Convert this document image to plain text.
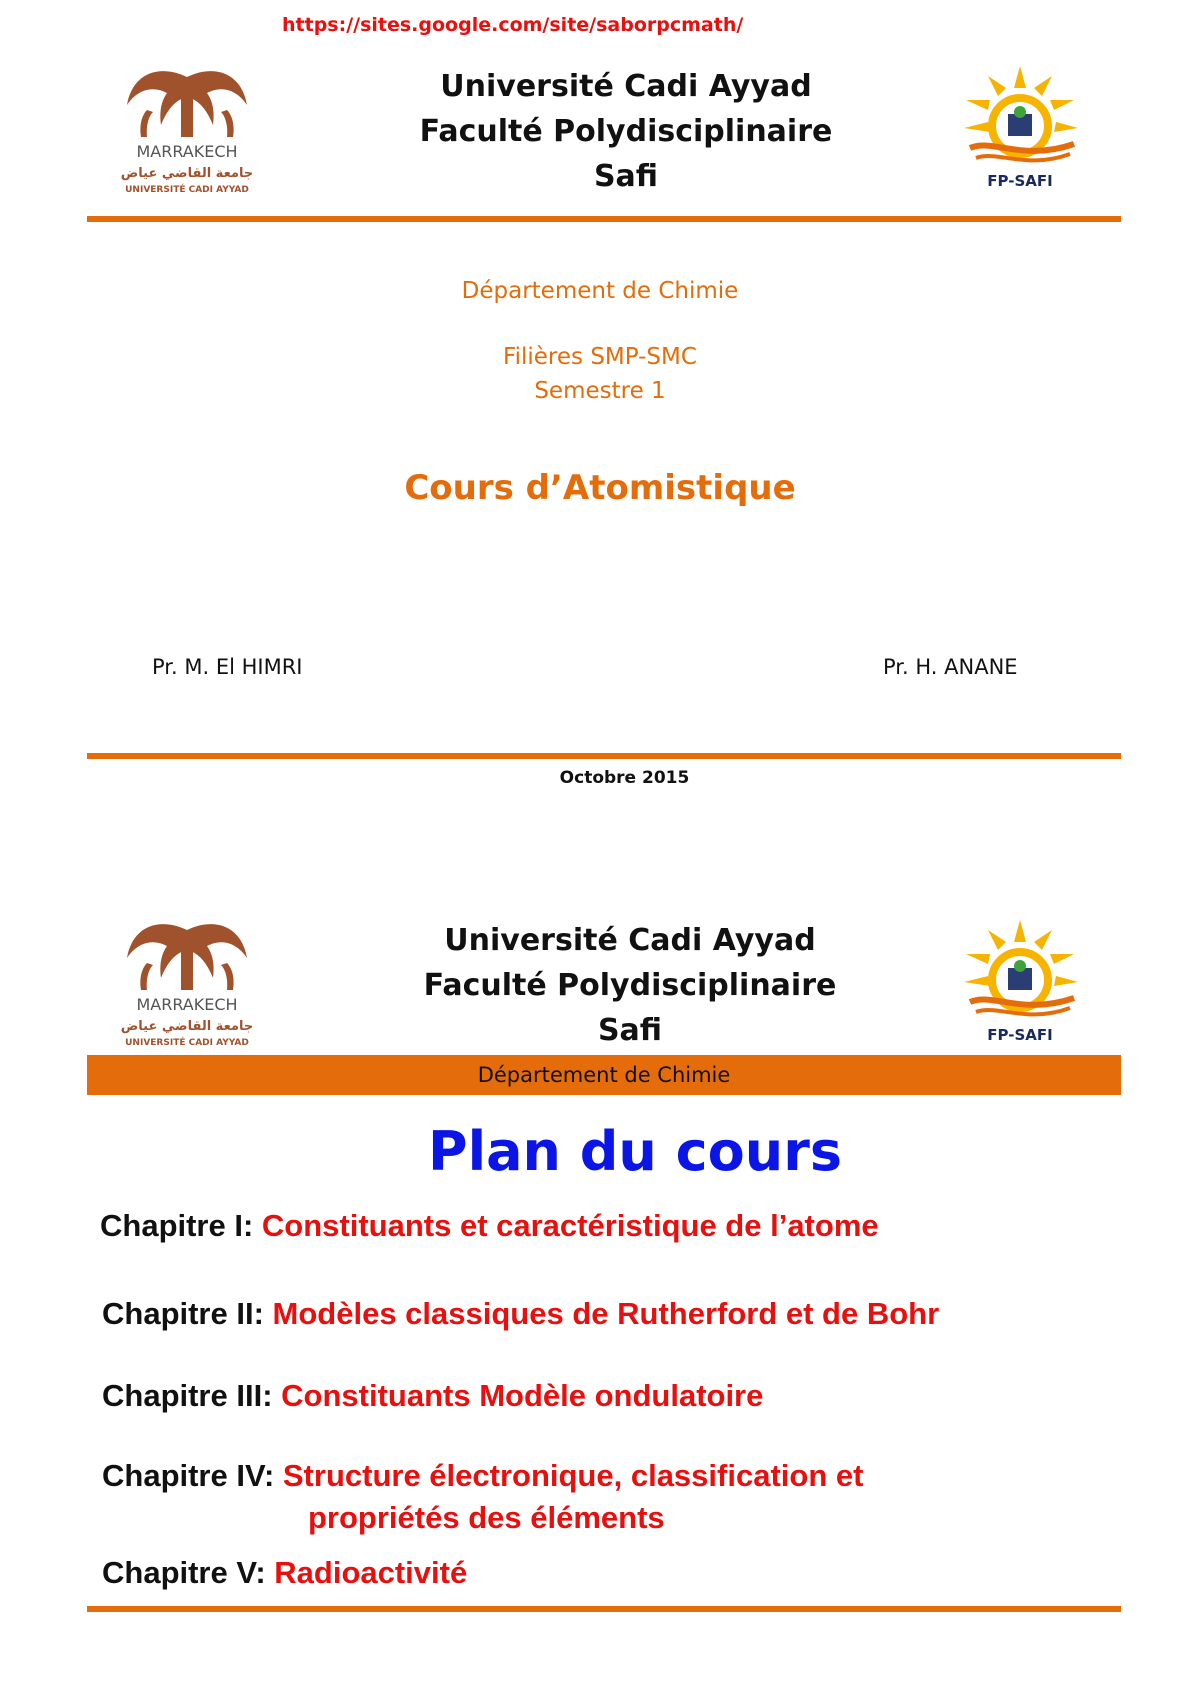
https://sites.google.com/site/saborpcmath/
MARRAKECH
جامعة القاضي عياض
UNIVERSITÉ CADI AYYAD
Université Cadi Ayyad
Faculté Polydisciplinaire
Safi	FP-SAFI
Département de Chimie
Filières SMP-SMC
Semestre 1
Cours d’Atomistique
Pr. M. El HIMRI	Pr. H. ANANE
Octobre 2015
MARRAKECH
جامعة القاضي عياض
UNIVERSITÉ CADI AYYAD
Université Cadi Ayyad
Faculté Polydisciplinaire
Safi	FP-SAFI
Département de Chimie
Plan du cours
Chapitre I: Constituants et caractéristique de l’atome
Chapitre II: Modèles classiques de Rutherford et de Bohr
Chapitre III: Constituants Modèle ondulatoire
Chapitre IV: Structure électronique, classification et
propriétés des éléments
Chapitre V: Radioactivité
